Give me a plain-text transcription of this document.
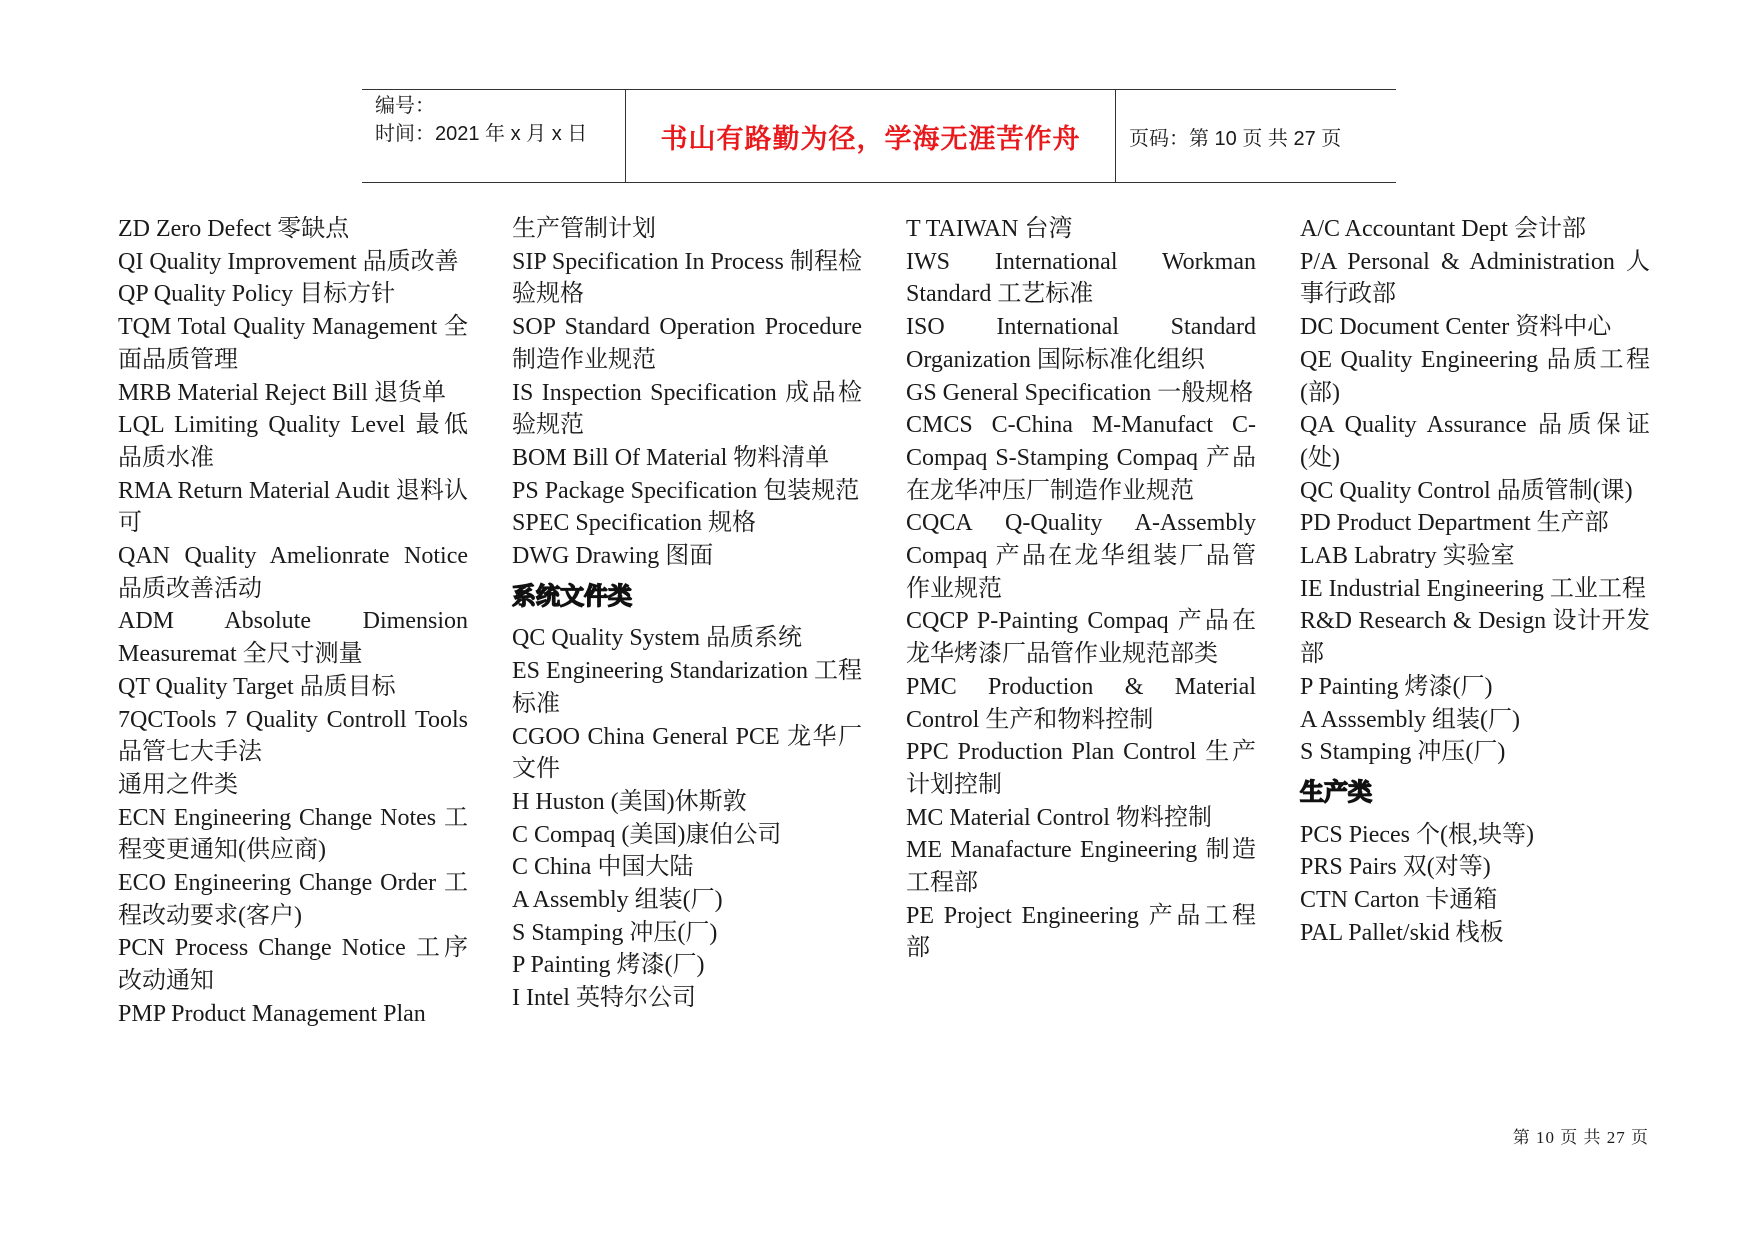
编号：
时间：2021 年 x 月 x 日	书山有路勤为径，学海无涯苦作舟	页码：第 10 页 共 27 页
ZD Zero Defect 零缺点
QI Quality Improvement 品质改善
QP Quality Policy 目标方针
TQM Total Quality Management 全面品质管理
MRB Material Reject Bill 退货单
LQL Limiting Quality Level 最低品质水准
RMA Return Material Audit 退料认可
QAN Quality Amelionrate Notice 品质改善活动
ADM Absolute Dimension Measuremat 全尺寸测量
QT Quality Target 品质目标
7QCTools 7 Quality Controll Tools 品管七大手法
通用之件类
ECN Engineering Change Notes 工程变更通知(供应商)
ECO Engineering Change Order 工程改动要求(客户)
PCN Process Change Notice 工序改动通知
PMP Product Management Plan
生产管制计划
SIP Specification In Process 制程检验规格
SOP Standard Operation Procedure 制造作业规范
IS Inspection Specification 成品检验规范
BOM Bill Of Material 物料清单
PS Package Specification 包装规范
SPEC Specification 规格
DWG Drawing 图面
系统文件类
QC Quality System 品质系统
ES Engineering Standarization 工程标准
CGOO China General PCE 龙华厂文件
H Huston (美国)休斯敦
C Compaq (美国)康伯公司
C China 中国大陆
A Assembly 组装(厂)
S Stamping 冲压(厂)
P Painting 烤漆(厂)
I Intel 英特尔公司
T TAIWAN 台湾
IWS International Workman Standard 工艺标准
ISO International Standard Organization 国际标准化组织
GS General Specification 一般规格
CMCS C-China M-Manufact C-Compaq S-Stamping Compaq 产品在龙华冲压厂制造作业规范
CQCA Q-Quality A-Assembly Compaq 产品在龙华组装厂品管作业规范
CQCP P-Painting Compaq 产品在龙华烤漆厂品管作业规范部类
PMC Production & Material Control 生产和物料控制
PPC Production Plan Control 生产计划控制
MC Material Control 物料控制
ME Manafacture Engineering 制造工程部
PE Project Engineering 产品工程部
A/C Accountant Dept 会计部
P/A Personal & Administration 人事行政部
DC Document Center 资料中心
QE Quality Engineering 品质工程(部)
QA Quality Assurance 品质保证(处)
QC Quality Control 品质管制(课)
PD Product Department 生产部
LAB Labratry 实验室
IE Industrial Engineering 工业工程
R&D Research & Design 设计开发部
P Painting 烤漆(厂)
A Asssembly 组装(厂)
S Stamping 冲压(厂)
生产类
PCS Pieces 个(根,块等)
PRS Pairs 双(对等)
CTN Carton 卡通箱
PAL Pallet/skid 栈板
第 10 页 共 27 页
